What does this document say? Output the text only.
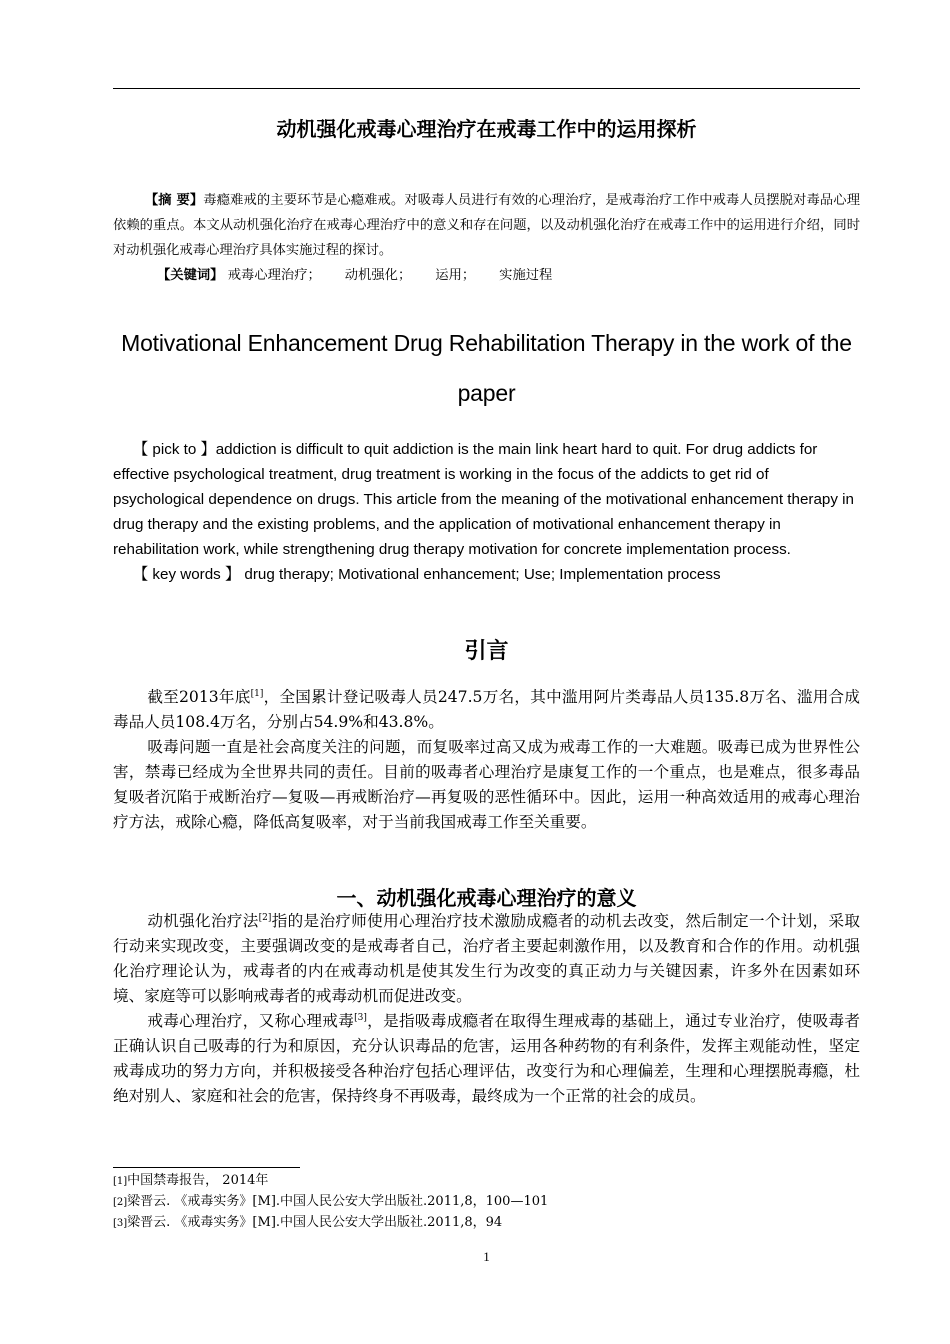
动机强化戒毒心理治疗在戒毒工作中的运用探析

【摘 要】毒瘾难戒的主要环节是心瘾难戒。对吸毒人员进行有效的心理治疗，是戒毒治疗工作中戒毒人员摆脱对毒品心理依赖的重点。本文从动机强化治疗在戒毒心理治疗中的意义和存在问题，以及动机强化治疗在戒毒工作中的运用进行介绍，同时对动机强化戒毒心理治疗具体实施过程的探讨。

【关键词】 戒毒心理治疗； 动机强化； 运用； 实施过程

Motivational Enhancement Drug Rehabilitation Therapy in the work of the paper

【 pick to 】addiction is difficult to quit addiction is the main link heart hard to quit. For drug addicts for effective psychological treatment, drug treatment is working in the focus of the addicts to get rid of psychological dependence on drugs. This article from the meaning of the motivational enhancement therapy in drug therapy and the existing problems, and the application of motivational enhancement therapy in rehabilitation work, while strengthening drug therapy motivation for concrete implementation process.

【 key words 】 drug therapy; Motivational enhancement; Use; Implementation process

引言

截至2013年底[1]，全国累计登记吸毒人员247.5万名，其中滥用阿片类毒品人员135.8万名、滥用合成毒品人员108.4万名，分别占54.9%和43.8%。

吸毒问题一直是社会高度关注的问题，而复吸率过高又成为戒毒工作的一大难题。吸毒已成为世界性公害，禁毒已经成为全世界共同的责任。目前的吸毒者心理治疗是康复工作的一个重点，也是难点，很多毒品复吸者沉陷于戒断治疗—复吸—再戒断治疗—再复吸的恶性循环中。因此，运用一种高效适用的戒毒心理治疗方法，戒除心瘾，降低高复吸率，对于当前我国戒毒工作至关重要。

一、动机强化戒毒心理治疗的意义

动机强化治疗法[2]指的是治疗师使用心理治疗技术激励成瘾者的动机去改变，然后制定一个计划，采取行动来实现改变，主要强调改变的是戒毒者自己，治疗者主要起刺激作用，以及教育和合作的作用。动机强化治疗理论认为，戒毒者的内在戒毒动机是使其发生行为改变的真正动力与关键因素，许多外在因素如环境、家庭等可以影响戒毒者的戒毒动机而促进改变。

戒毒心理治疗，又称心理戒毒[3]，是指吸毒成瘾者在取得生理戒毒的基础上，通过专业治疗，使吸毒者正确认识自己吸毒的行为和原因，充分认识毒品的危害，运用各种药物的有利条件，发挥主观能动性，坚定戒毒成功的努力方向，并积极接受各种治疗包括心理评估，改变行为和心理偏差，生理和心理摆脱毒瘾，杜绝对别人、家庭和社会的危害，保持终身不再吸毒，最终成为一个正常的社会的成员。

[1]中国禁毒报告， 2014年
[2]梁晋云. 《戒毒实务》[M].中国人民公安大学出版社.2011,8，100—101
[3]梁晋云. 《戒毒实务》[M].中国人民公安大学出版社.2011,8，94
1
